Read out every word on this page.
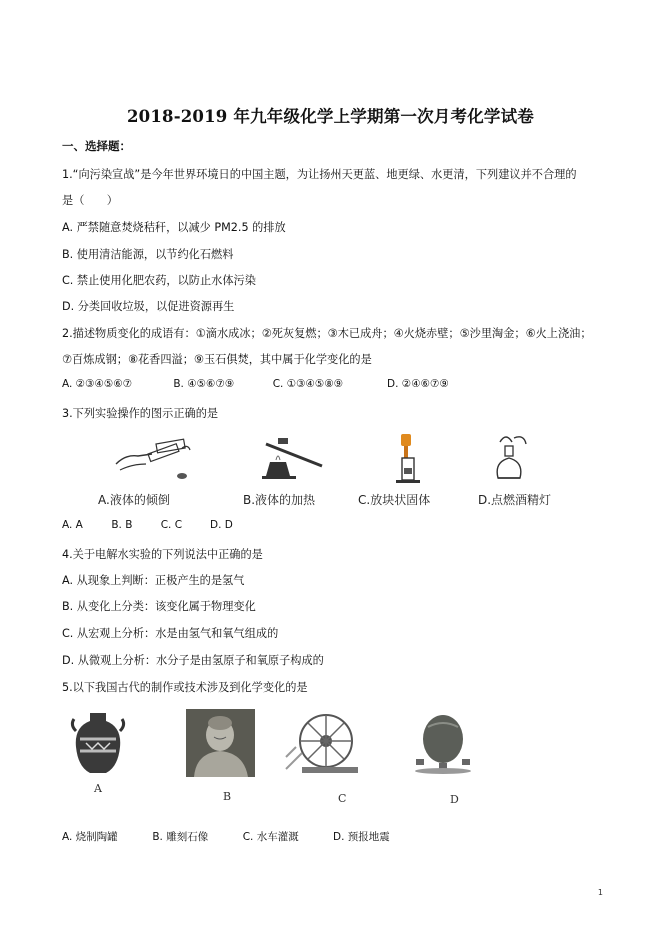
2018-2019 年九年级化学上学期第一次月考化学试卷
一、选择题：
1.“向污染宣战”是今年世界环境日的中国主题，为让扬州天更蓝、地更绿、水更清，下列建议并不合理的
是（　　）
A. 严禁随意焚烧秸秆，以减少 PM2.5 的排放
B. 使用清洁能源，以节约化石燃料
C. 禁止使用化肥农药，以防止水体污染
D. 分类回收垃圾，以促进资源再生
2.描述物质变化的成语有：①滴水成冰；②死灰复燃；③木已成舟；④火烧赤壁；⑤沙里淘金；⑥火上浇油；
⑦百炼成钢；⑧花香四溢；⑨玉石俱焚，其中属于化学变化的是
A. ②③④⑤⑥⑦	B. ④⑤⑥⑦⑨	C. ①③④⑤⑧⑨	D. ②④⑥⑦⑨
3.下列实验操作的图示正确的是
A.液体的倾倒	B.液体的加热	C.放块状固体	D.点燃酒精灯
A. A	B. B	C. C	D. D
4.关于电解水实验的下列说法中正确的是
A. 从现象上判断：正极产生的是氢气
B. 从变化上分类：该变化属于物理变化
C. 从宏观上分析：水是由氢气和氧气组成的
D. 从微观上分析：水分子是由氢原子和氧原子构成的
5.以下我国古代的制作或技术涉及到化学变化的是
A
B	C	D
A. 烧制陶罐	B. 雕刻石像	C. 水车灌溉	D. 预报地震
1
